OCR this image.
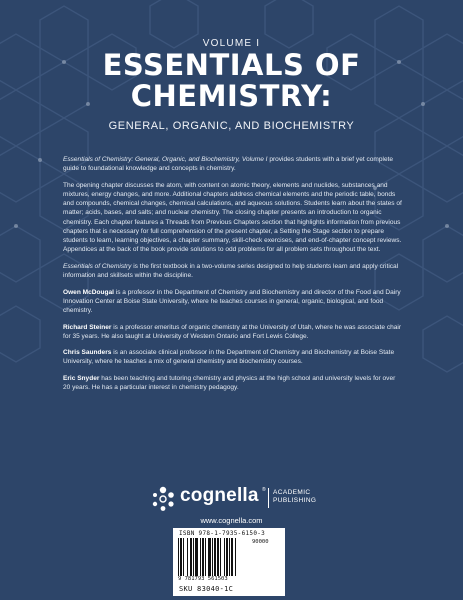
VOLUME I
ESSENTIALS OF
CHEMISTRY:
GENERAL, ORGANIC, AND BIOCHEMISTRY

Essentials of Chemistry: General, Organic, and Biochemistry, Volume I provides students with a brief yet complete guide to foundational knowledge and concepts in chemistry.

The opening chapter discusses the atom, with content on atomic theory, elements and nuclides, substances and mixtures, energy changes, and more. Additional chapters address chemical elements and the periodic table, bonds and compounds, chemical changes, chemical calculations, and aqueous solutions. Students learn about the states of matter; acids, bases, and salts; and nuclear chemistry. The closing chapter presents an introduction to organic chemistry. Each chapter features a Threads from Previous Chapters section that highlights information from previous chapters that is necessary for full comprehension of the present chapter, a Setting the Stage section to prepare students to learn, learning objectives, a chapter summary, skill-check exercises, and end-of-chapter concept reviews. Appendices at the back of the book provide solutions to odd problems for all problem sets throughout the text.

Essentials of Chemistry is the first textbook in a two-volume series designed to help students learn and apply critical information and skillsets within the discipline.

Owen McDougal is a professor in the Department of Chemistry and Biochemistry and director of the Food and Dairy Innovation Center at Boise State University, where he teaches courses in general, organic, biological, and food chemistry.

Richard Steiner is a professor emeritus of organic chemistry at the University of Utah, where he was associate chair for 35 years. He also taught at University of Western Ontario and Fort Lewis College.

Chris Saunders is an associate clinical professor in the Department of Chemistry and Biochemistry at Boise State University, where he teaches a mix of general chemistry and biochemistry courses.

Eric Snyder has been teaching and tutoring chemistry and physics at the high school and university levels for over 20 years. He has a particular interest in chemistry pedagogy.

cognella ® ACADEMIC
PUBLISHING
www.cognella.com
ISBN 978-1-7935-6150-3
90000
9 781793 561503
SKU 83040-1C
